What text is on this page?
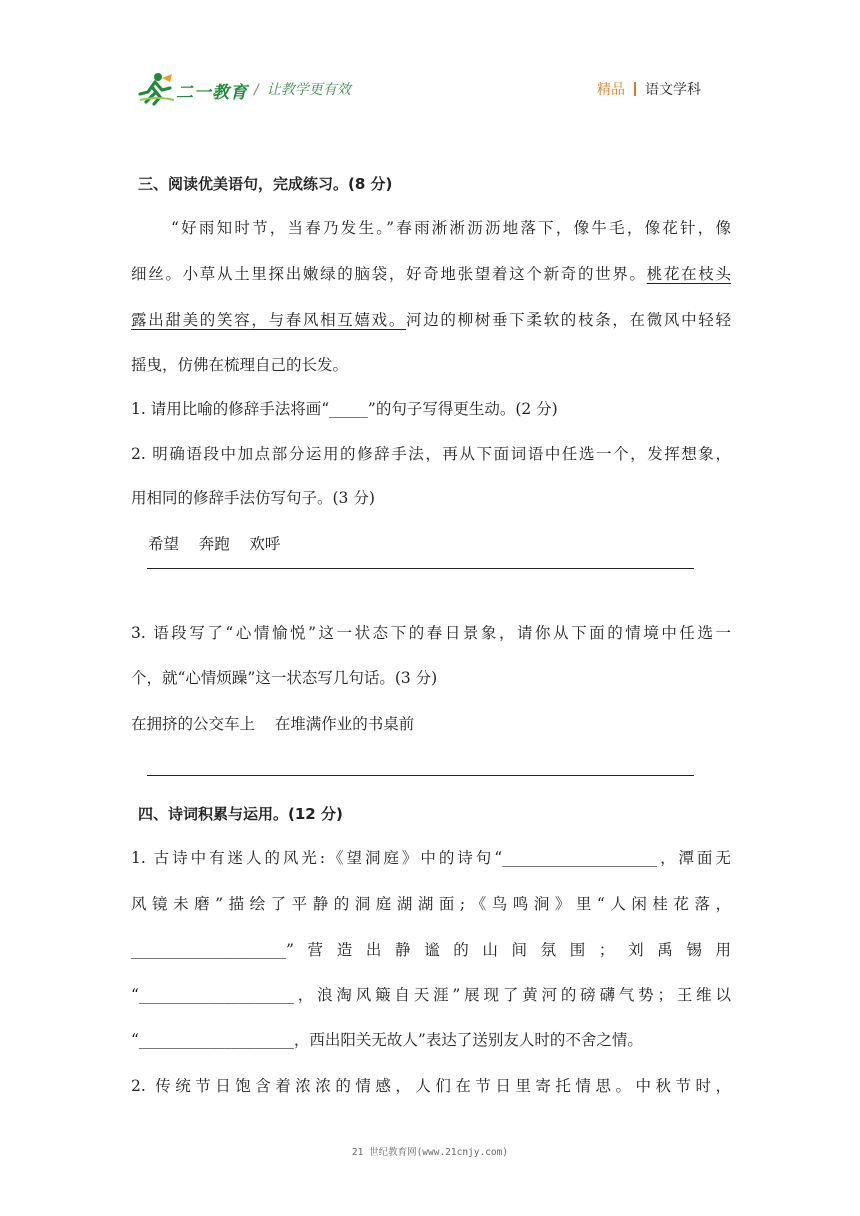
二一教育 / 让教学更有效	精品 语文学科
三、阅读优美语句，完成练习。(8 分)
“好雨知时节，当春乃发生。”春雨淅淅沥沥地落下，像牛毛，像花针，像
细丝。小草从土里探出嫩绿的脑袋，好奇地张望着这个新奇的世界。桃花在枝头
露出甜美的笑容，与春风相互嬉戏。河边的柳树垂下柔软的枝条，在微风中轻轻
摇曳，仿佛在梳理自己的长发。
1. 请用比喻的修辞手法将画“_____”的句子写得更生动。(2 分)
2. 明确语段中加点部分运用的修辞手法，再从下面词语中任选一个，发挥想象，
用相同的修辞手法仿写句子。(3 分)
希望    奔跑    欢呼
3. 语段写了“心情愉悦”这一状态下的春日景象，请你从下面的情境中任选一
个，就“心情烦躁”这一状态写几句话。(3 分)
在拥挤的公交车上    在堆满作业的书桌前
四、诗词积累与运用。(12 分)
1. 古诗中有迷人的风光:《望洞庭》中的诗句“____________________，潭面无
风镜未磨”描绘了平静的洞庭湖湖面;《鸟鸣涧》里“人闲桂花落，
____________________”营造出静谧的山间氛围；刘禹锡用
“____________________，浪淘风簸自天涯”展现了黄河的磅礴气势；王维以
“____________________，西出阳关无故人”表达了送别友人时的不舍之情。
2. 传统节日饱含着浓浓的情感，人们在节日里寄托情思。中秋节时，
21 世纪教育网(www.21cnjy.com)
